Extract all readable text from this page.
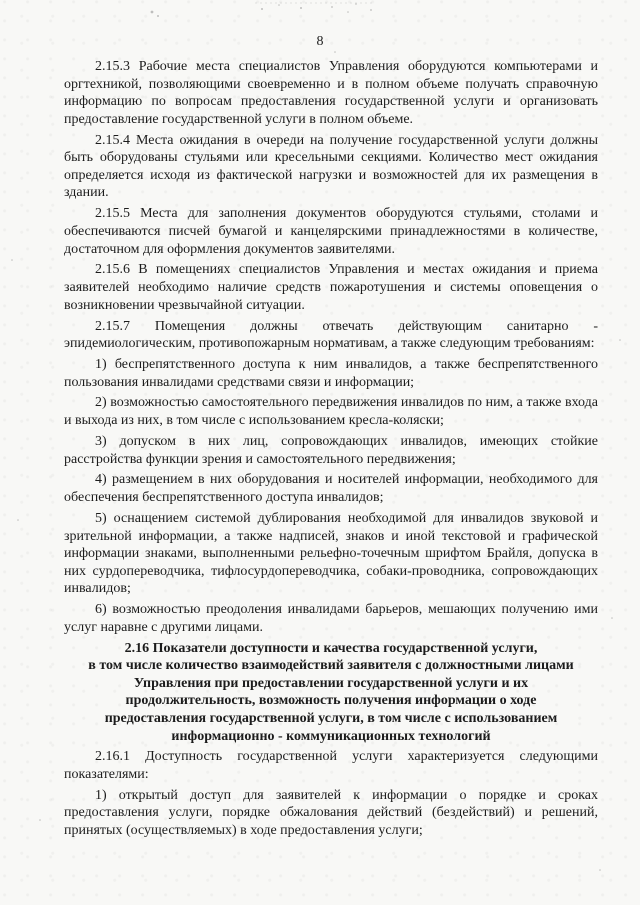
8

2.15.3 Рабочие места специалистов Управления оборудуются компьютерами и оргтехникой, позволяющими своевременно и в полном объеме получать справочную информацию по вопросам предоставления государственной услуги и организовать предоставление государственной услуги в полном объеме.

2.15.4 Места ожидания в очереди на получение государственной услуги должны быть оборудованы стульями или кресельными секциями. Количество мест ожидания определяется исходя из фактической нагрузки и возможностей для их размещения в здании.

2.15.5 Места для заполнения документов оборудуются стульями, столами и обеспечиваются писчей бумагой и канцелярскими принадлежностями в количестве, достаточном для оформления документов заявителями.

2.15.6 В помещениях специалистов Управления и местах ожидания и приема заявителей необходимо наличие средств пожаротушения и системы оповещения о возникновении чрезвычайной ситуации.

2.15.7 Помещения должны отвечать действующим санитарно - эпидемиологическим, противопожарным нормативам, а также следующим требованиям:

1) беспрепятственного доступа к ним инвалидов, а также беспрепятственного пользования инвалидами средствами связи и информации;

2) возможностью самостоятельного передвижения инвалидов по ним, а также входа и выхода из них, в том числе с использованием кресла-коляски;

3) допуском в них лиц, сопровождающих инвалидов, имеющих стойкие расстройства функции зрения и самостоятельного передвижения;

4) размещением в них оборудования и носителей информации, необходимого для обеспечения беспрепятственного доступа инвалидов;

5) оснащением системой дублирования необходимой для инвалидов звуковой и зрительной информации, а также надписей, знаков и иной текстовой и графической информации знаками, выполненными рельефно-точечным шрифтом Брайля, допуска в них сурдопереводчика, тифлосурдопереводчика, собаки-проводника, сопровождающих инвалидов;

6) возможностью преодоления инвалидами барьеров, мешающих получению ими услуг наравне с другими лицами.

2.16 Показатели доступности и качества государственной услуги,
в том числе количество взаимодействий заявителя с должностными лицами
Управления при предоставлении государственной услуги и их
продолжительность, возможность получения информации о ходе
предоставления государственной услуги, в том числе с использованием
информационно - коммуникационных технологий

2.16.1 Доступность государственной услуги характеризуется следующими показателями:

1) открытый доступ для заявителей к информации о порядке и сроках предоставления услуги, порядке обжалования действий (бездействий) и решений, принятых (осуществляемых) в ходе предоставления услуги;
